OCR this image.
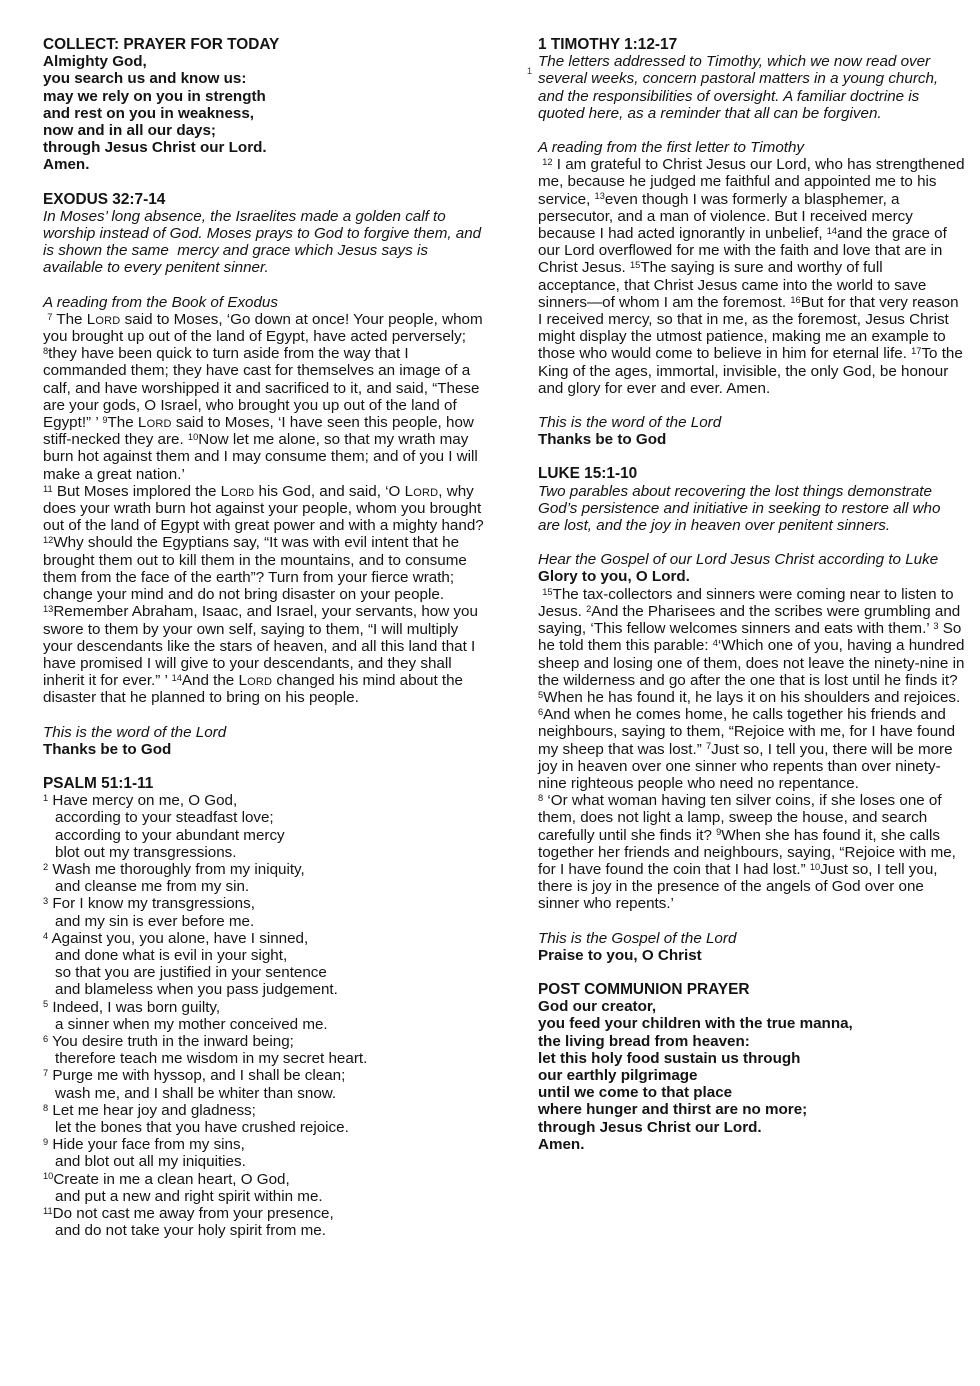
1
COLLECT: PRAYER FOR TODAY
Almighty God,
you search us and know us:
may we rely on you in strength
and rest on you in weakness,
now and in all our days;
through Jesus Christ our Lord.
Amen.
EXODUS 32:7-14
In Moses’ long absence, the Israelites made a golden calf to worship instead of God. Moses prays to God to forgive them, and is shown the same  mercy and grace which Jesus says is available to every penitent sinner.
A reading from the Book of Exodus
$^7$ The Lord said to Moses, ‘Go down at once! Your people, whom you brought up out of the land of Egypt, have acted perversely; $^8$they have been quick to turn aside from the way that I commanded them; they have cast for themselves an image of a calf, and have worshipped it and sacrificed to it, and said, “These are your gods, O Israel, who brought you up out of the land of Egypt!” ’ $^9$The Lord said to Moses, ‘I have seen this people, how stiff-necked they are. $^{10}$Now let me alone, so that my wrath may burn hot against them and I may consume them; and of you I will make a great nation.’
$^{11}$ But Moses implored the Lord his God, and said, ‘O Lord, why does your wrath burn hot against your people, whom you brought out of the land of Egypt with great power and with a mighty hand? $^{12}$Why should the Egyptians say, “It was with evil intent that he brought them out to kill them in the mountains, and to consume them from the face of the earth”? Turn from your fierce wrath; change your mind and do not bring disaster on your people. $^{13}$Remember Abraham, Isaac, and Israel, your servants, how you swore to them by your own self, saying to them, “I will multiply your descendants like the stars of heaven, and all this land that I have promised I will give to your descendants, and they shall inherit it for ever.” ’ $^{14}$And the Lord changed his mind about the disaster that he planned to bring on his people.
This is the word of the Lord
Thanks be to God
PSALM 51:1-11
$^1$ Have mercy on me, O God,
according to your steadfast love;
according to your abundant mercy
blot out my transgressions.
$^2$ Wash me thoroughly from my iniquity,
and cleanse me from my sin.
$^3$ For I know my transgressions,
and my sin is ever before me.
$^4$ Against you, you alone, have I sinned,
and done what is evil in your sight,
so that you are justified in your sentence
and blameless when you pass judgement.
$^5$ Indeed, I was born guilty,
a sinner when my mother conceived me.
$^6$ You desire truth in the inward being;
therefore teach me wisdom in my secret heart.
$^7$ Purge me with hyssop, and I shall be clean;
wash me, and I shall be whiter than snow.
$^8$ Let me hear joy and gladness;
let the bones that you have crushed rejoice.
$^9$ Hide your face from my sins,
and blot out all my iniquities.
$^{10}$Create in me a clean heart, O God,
and put a new and right spirit within me.
$^{11}$Do not cast me away from your presence,
and do not take your holy spirit from me.
1 TIMOTHY 1:12-17
The letters addressed to Timothy, which we now read over several weeks, concern pastoral matters in a young church, and the responsibilities of oversight. A familiar doctrine is quoted here, as a reminder that all can be forgiven.
A reading from the first letter to Timothy
$^{12}$ I am grateful to Christ Jesus our Lord, who has strengthened me, because he judged me faithful and appointed me to his service, $^{13}$even though I was formerly a blasphemer, a persecutor, and a man of violence. But I received mercy because I had acted ignorantly in unbelief, $^{14}$and the grace of our Lord overflowed for me with the faith and love that are in Christ Jesus. $^{15}$The saying is sure and worthy of full acceptance, that Christ Jesus came into the world to save sinners—of whom I am the foremost. $^{16}$But for that very reason I received mercy, so that in me, as the foremost, Jesus Christ might display the utmost patience, making me an example to those who would come to believe in him for eternal life. $^{17}$To the King of the ages, immortal, invisible, the only God, be honour and glory for ever and ever. Amen.
This is the word of the Lord
Thanks be to God
LUKE 15:1-10
Two parables about recovering the lost things demonstrate God’s persistence and initiative in seeking to restore all who are lost, and the joy in heaven over penitent sinners.
Hear the Gospel of our Lord Jesus Christ according to Luke
Glory to you, O Lord.
$^{15}$The tax-collectors and sinners were coming near to listen to Jesus. $^2$And the Pharisees and the scribes were grumbling and saying, ‘This fellow welcomes sinners and eats with them.’ $^3$ So he told them this parable: $^4$‘Which one of you, having a hundred sheep and losing one of them, does not leave the ninety-nine in the wilderness and go after the one that is lost until he finds it? $^5$When he has found it, he lays it on his shoulders and rejoices. $^6$And when he comes home, he calls together his friends and neighbours, saying to them, “Rejoice with me, for I have found my sheep that was lost.” $^7$Just so, I tell you, there will be more joy in heaven over one sinner who repents than over ninety-nine righteous people who need no repentance.
$^8$ ‘Or what woman having ten silver coins, if she loses one of them, does not light a lamp, sweep the house, and search carefully until she finds it? $^9$When she has found it, she calls together her friends and neighbours, saying, “Rejoice with me, for I have found the coin that I had lost.” $^{10}$Just so, I tell you, there is joy in the presence of the angels of God over one sinner who repents.’
This is the Gospel of the Lord
Praise to you, O Christ
POST COMMUNION PRAYER
God our creator,
you feed your children with the true manna,
the living bread from heaven:
let this holy food sustain us through
our earthly pilgrimage
until we come to that place
where hunger and thirst are no more;
through Jesus Christ our Lord.
Amen.
